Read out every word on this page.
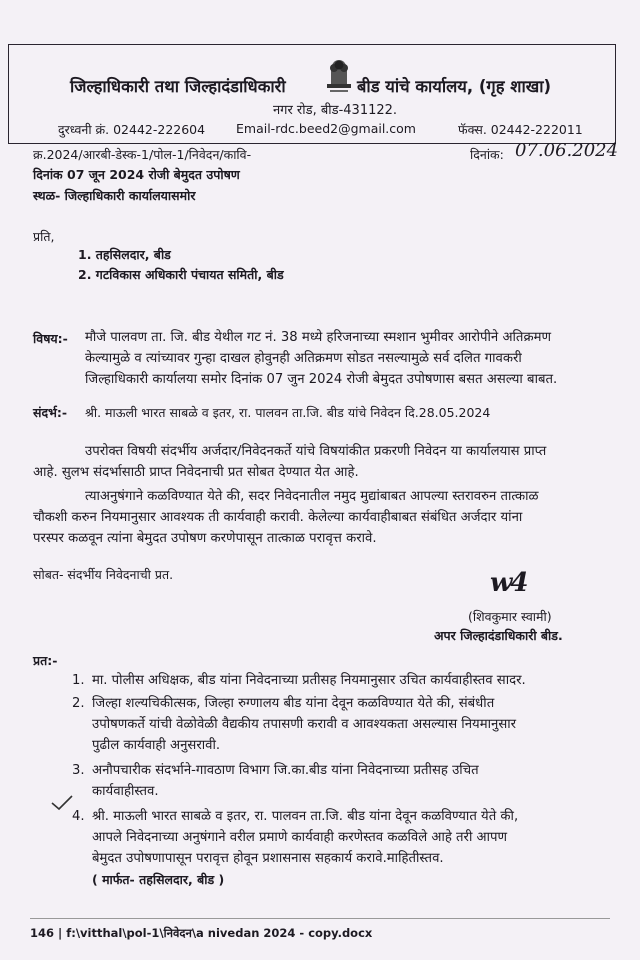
जिल्हाधिकारी तथा जिल्हादंडाधिकारी	बीड यांचे कार्यालय, (गृह शाखा)
नगर रोड, बीड-431122.
दुरध्वनी क्रं. 02442-222604 Email-rdc.beed2@gmail.com	फॅक्स. 02442-222011
क्र.2024/आरबी-डेस्क-1/पोल-1/निवेदन/कावि-	दिनांक: 07.06.2024
दिनांक 07 जून 2024 रोजी बेमुदत उपोषण
स्थळ- जिल्हाधिकारी कार्यालयासमोर
प्रति,
1. तहसिलदार, बीड
2. गटविकास अधिकारी पंचायत समिती, बीड
विषय:- मौजे पालवण ता. जि. बीड येथील गट नं. 38 मध्ये हरिजनाच्या स्मशान भुमीवर आरोपीने अतिक्रमण
केल्यामुळे व त्यांच्यावर गुन्हा दाखल होवुनही अतिक्रमण सोडत नसल्यामुळे सर्व दलित गावकरी
जिल्हाधिकारी कार्यालया समोर दिनांक 07 जुन 2024 रोजी बेमुदत उपोषणास बसत असल्या बाबत.
संदर्भ:- श्री. माऊली भारत साबळे व इतर, रा. पालवन ता.जि. बीड यांचे निवेदन दि.28.05.2024
उपरोक्त विषयी संदर्भीय अर्जदार/निवेदनकर्ते यांचे विषयांकीत प्रकरणी निवेदन या कार्यालयास प्राप्त
आहे. सुलभ संदर्भासाठी प्राप्त निवेदनाची प्रत सोबत देण्यात येत आहे.
त्याअनुषंगाने कळविण्यात येते की, सदर निवेदनातील नमुद मुद्यांबाबत आपल्या स्तरावरुन तात्काळ
चौकशी करुन नियमानुसार आवश्यक ती कार्यवाही करावी. केलेल्या कार्यवाहीबाबत संबंधित अर्जदार यांना
परस्पर कळवून त्यांना बेमुदत उपोषण करणेपासून तात्काळ परावृत्त करावे.
सोबत- संदर्भीय निवेदनाची प्रत.	w4
(शिवकुमार स्वामी)
अपर जिल्हादंडाधिकारी बीड.
प्रत:-
1. मा. पोलीस अधिक्षक, बीड यांना निवेदनाच्या प्रतीसह नियमानुसार उचित कार्यवाहीस्तव सादर.
2. जिल्हा शल्यचिकीत्सक, जिल्हा रुग्णालय बीड यांना देवून कळविण्यात येते की, संबंधीत
उपोषणकर्ते यांची वेळोवेळी वैद्यकीय तपासणी करावी व आवश्यकता असल्यास नियमानुसार
पुढील कार्यवाही अनुसरावी.
3. अनौपचारीक संदर्भाने-गावठाण विभाग जि.का.बीड यांना निवेदनाच्या प्रतीसह उचित
कार्यवाहीस्तव.
4. श्री. माऊली भारत साबळे व इतर, रा. पालवन ता.जि. बीड यांना देवून कळविण्यात येते की,
आपले निवेदनाच्या अनुषंगाने वरील प्रमाणे कार्यवाही करणेस्तव कळविले आहे तरी आपण
बेमुदत उपोषणापासून परावृत्त होवून प्रशासनास सहकार्य करावे.माहितीस्तव.
( मार्फत- तहसिलदार, बीड )
146 | f:\vitthal\pol-1\निवेदन\a nivedan 2024 - copy.docx
